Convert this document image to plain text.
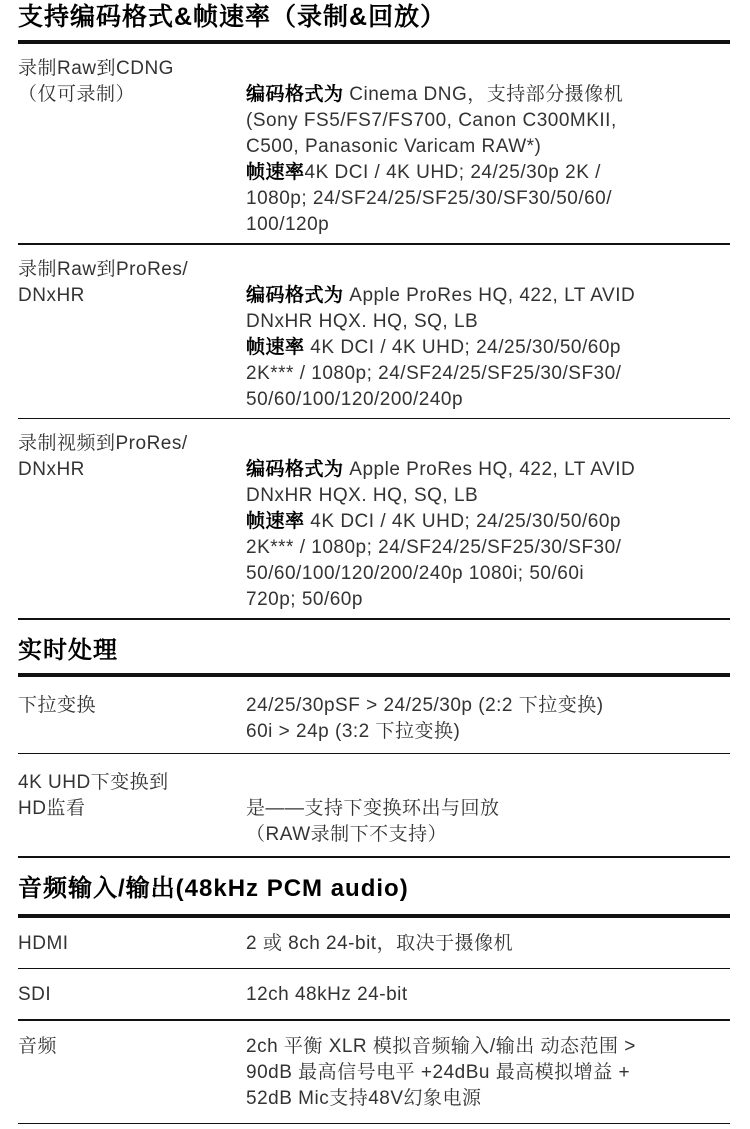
支持编码格式&帧速率（录制&回放）
录制Raw到CDNG
（仅可录制）	编码格式为 Cinema DNG，支持部分摄像机
(Sony FS5/FS7/FS700, Canon C300MKII,
C500, Panasonic Varicam RAW*)
帧速率4K DCI / 4K UHD; 24/25/30p 2K /
1080p; 24/SF24/25/SF25/30/SF30/50/60/
100/120p
录制Raw到ProRes/
DNxHR	编码格式为 Apple ProRes HQ, 422, LT AVID
DNxHR HQX. HQ, SQ, LB
帧速率 4K DCI / 4K UHD; 24/25/30/50/60p
2K*** / 1080p; 24/SF24/25/SF25/30/SF30/
50/60/100/120/200/240p
录制视频到ProRes/
DNxHR	编码格式为 Apple ProRes HQ, 422, LT AVID
DNxHR HQX. HQ, SQ, LB
帧速率 4K DCI / 4K UHD; 24/25/30/50/60p
2K*** / 1080p; 24/SF24/25/SF25/30/SF30/
50/60/100/120/200/240p 1080i; 50/60i
720p; 50/60p
实时处理
下拉变换	24/25/30pSF > 24/25/30p (2:2 下拉变换)
60i > 24p (3:2 下拉变换)
4K UHD下变换到
HD监看	是——支持下变换环出与回放
（RAW录制下不支持）
音频输入/输出(48kHz PCM audio)
HDMI	2 或 8ch 24-bit，取决于摄像机
SDI	12ch 48kHz 24-bit
音频	2ch 平衡 XLR 模拟音频输入/输出 动态范围 >
90dB 最高信号电平 +24dBu 最高模拟增益 +
52dB Mic支持48V幻象电源
